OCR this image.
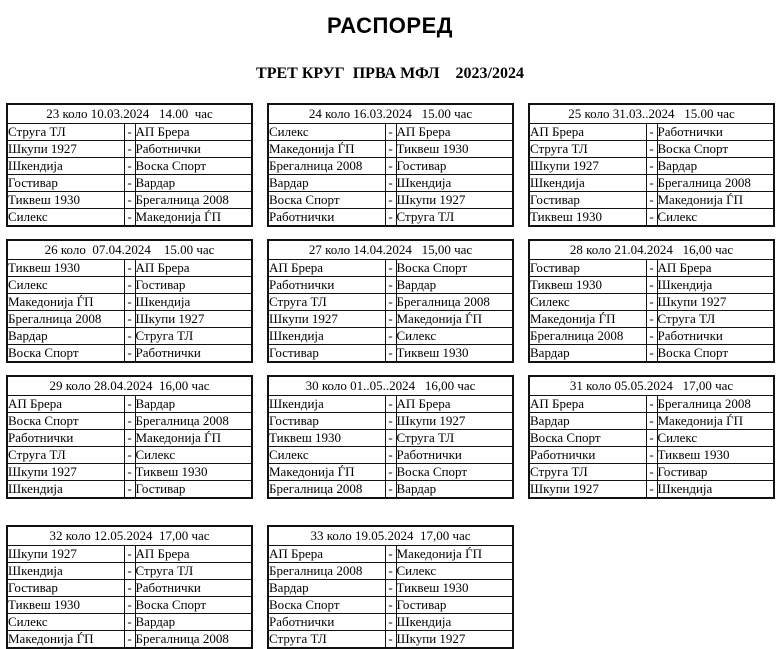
РАСПОРЕД
ТРЕТ КРУГ  ПРВА МФЛ    2023/2024
23 коло 10.03.2024   14.00  час		
Струга ТЛ	-	АП Брера
Шкупи 1927	-	Работнички
Шкендија	-	Воска Спорт
Гостивар	-	Вардар
Тиквеш 1930	-	Брегалница 2008
Силекс	-	Македонија ЃП
24 коло 16.03.2024   15.00 час		
Силекс	-	АП Брера
Македонија ЃП	-	Тиквеш 1930
Брегалница 2008	-	Гостивар
Вардар	-	Шкендија
Воска Спорт	-	Шкупи 1927
Работнички	-	Струга ТЛ
25 коло 31.03..2024   15.00 час		
АП Брера	-	Работнички
Струга ТЛ	-	Воска Спорт
Шкупи 1927	-	Вардар
Шкендија	-	Брегалница 2008
Гостивар	-	Македонија ЃП
Тиквеш 1930	-	Силекс
26 коло  07.04.2024    15.00 час		
Тиквеш 1930	-	АП Брера
Силекс	-	Гостивар
Македонија ЃП	-	Шкендија
Брегалница 2008	-	Шкупи 1927
Вардар	-	Струга ТЛ
Воска Спорт	-	Работнички
27 коло 14.04.2024   15,00 час		
АП Брера	-	Воска Спорт
Работнички	-	Вардар
Струга ТЛ	-	Брегалница 2008
Шкупи 1927	-	Македонија ЃП
Шкендија	-	Силекс
Гостивар	-	Тиквеш 1930
28 коло 21.04.2024   16,00 час		
Гостивар	-	АП Брера
Тиквеш 1930	-	Шкендија
Силекс	-	Шкупи 1927
Македонија ЃП	-	Струга ТЛ
Брегалница 2008	-	Работнички
Вардар	-	Воска Спорт
29 коло 28.04.2024  16,00 час		
АП Брера	-	Вардар
Воска Спорт	-	Брегалница 2008
Работнички	-	Македонија ЃП
Струга ТЛ	-	Силекс
Шкупи 1927	-	Тиквеш 1930
Шкендија	-	Гостивар
30 коло 01..05..2024   16,00 час		
Шкендија	-	АП Брера
Гостивар	-	Шкупи 1927
Тиквеш 1930	-	Струга ТЛ
Силекс	-	Работнички
Македонија ЃП	-	Воска Спорт
Брегалница 2008	-	Вардар
31 коло 05.05.2024   17,00 час		
АП Брера	-	Брегалница 2008
Вардар	-	Македонија ЃП
Воска Спорт	-	Силекс
Работнички	-	Тиквеш 1930
Струга ТЛ	-	Гостивар
Шкупи 1927	-	Шкендија
32 коло 12.05.2024  17,00 час		
Шкупи 1927	-	АП Брера
Шкендија	-	Струга ТЛ
Гостивар	-	Работнички
Тиквеш 1930	-	Воска Спорт
Силекс	-	Вардар
Македонија ЃП	-	Брегалница 2008
33 коло 19.05.2024  17,00 час		
АП Брера	-	Македонија ЃП
Брегалница 2008	-	Силекс
Вардар	-	Тиквеш 1930
Воска Спорт	-	Гостивар
Работнички	-	Шкендија
Струга ТЛ	-	Шкупи 1927
